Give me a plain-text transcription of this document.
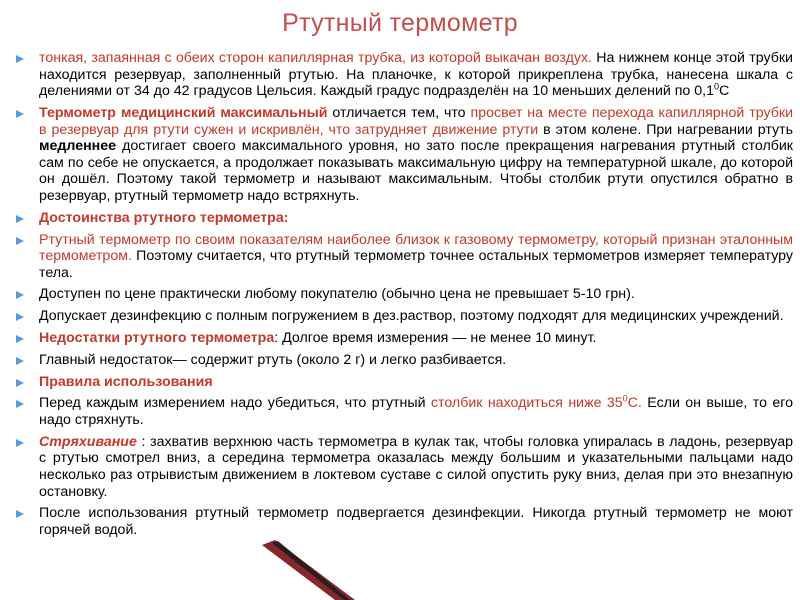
Ртутный термометр
тонкая, запаянная с обеих сторон капиллярная трубка, из которой выкачан воздух. На нижнем конце этой трубки находится резервуар, заполненный ртутью. На планочке, к которой прикреплена трубка, нанесена шкала с делениями от 34 до 42 градусов Цельсия. Каждый градус подразделён на 10 меньших делений по $0,1^0С$
Термометр медицинский максимальный отличается тем, что просвет на месте перехода капиллярной трубки в резервуар для ртути сужен и искривлён, что затрудняет движение ртути в этом колене. При нагревании ртуть медленнее достигает своего максимального уровня, но зато после прекращения нагревания ртутный столбик сам по себе не опускается, а продолжает показывать максимальную цифру на температурной шкале, до которой он дошёл. Поэтому такой термометр и называют максимальным. Чтобы столбик ртути опустился обратно в резервуар, ртутный термометр надо встряхнуть.
Достоинства ртутного термометра:
Ртутный термометр по своим показателям наиболее близок к газовому термометру, который признан эталонным термометром. Поэтому считается, что ртутный термометр точнее остальных термометров измеряет температуру тела.
Доступен по цене практически любому покупателю (обычно цена не превышает 5-10 грн).
Допускает дезинфекцию с полным погружением в дез.раствор, поэтому подходят для медицинских учреждений.
Недостатки ртутного термометра: Долгое время измерения — не менее 10 минут.
Главный недостаток— содержит ртуть (около 2 г) и легко разбивается.
Правила использования
Перед каждым измерением надо убедиться, что ртутный столбик находиться ниже $35^0С$. Если он выше, то его надо стряхнуть.
Стряхивание : захватив верхнюю часть термометра в кулак так, чтобы головка упиралась в ладонь, резервуар с ртутью смотрел вниз, а середина термометра оказалась между большим и указательными пальцами надо несколько раз отрывистым движением в локтевом суставе с силой опустить руку вниз, делая при это внезапную остановку.
После использования ртутный термометр подвергается дезинфекции. Никогда ртутный термометр не моют горячей водой.
